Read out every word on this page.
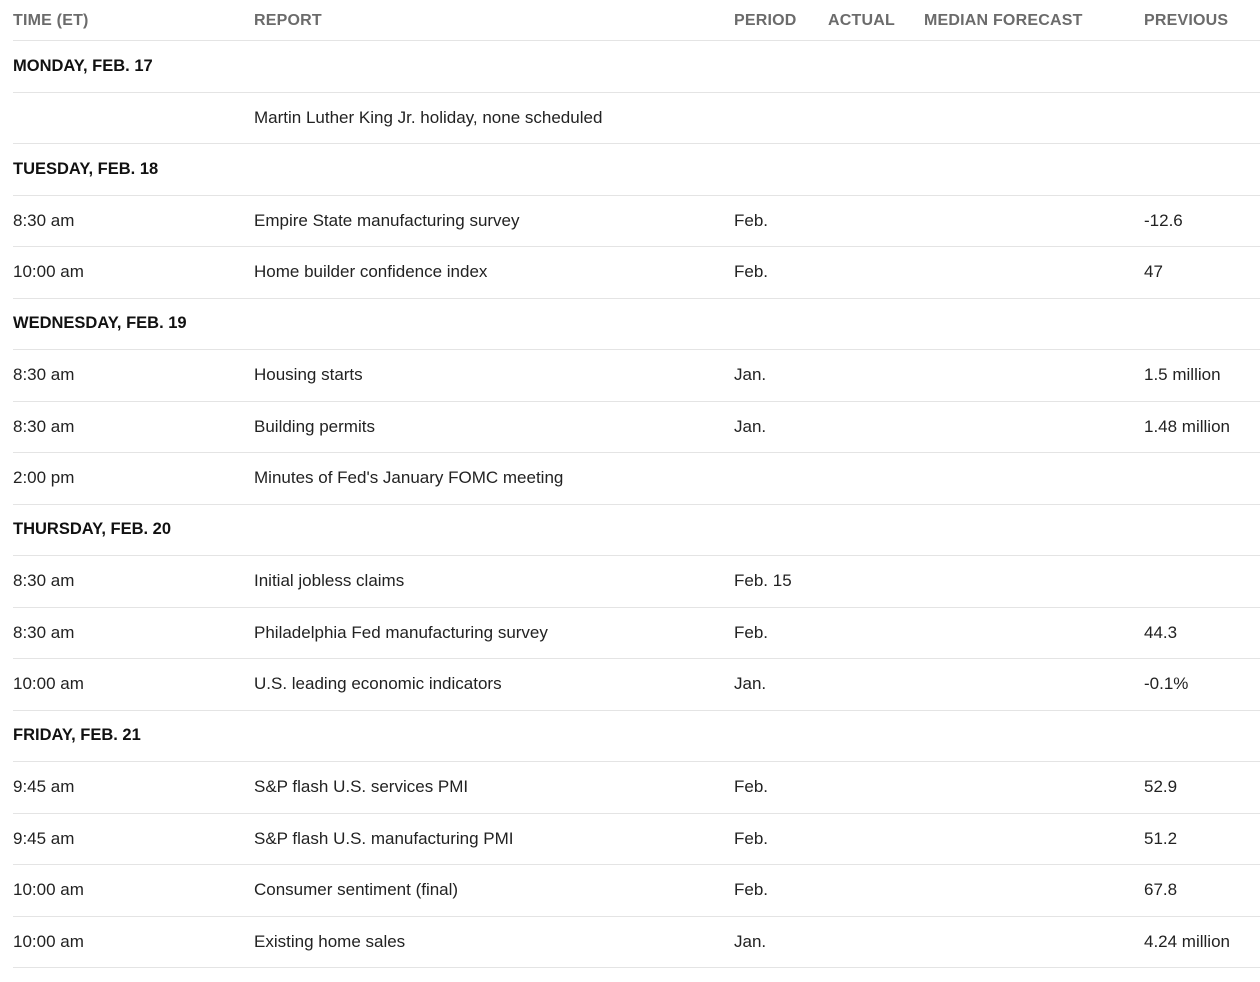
TIME (ET)	REPORT	PERIOD ACTUAL MEDIAN FORECAST	PREVIOUS
MONDAY, FEB. 17
Martin Luther King Jr. holiday, none scheduled
TUESDAY, FEB. 18
8:30 am	Empire State manufacturing survey	Feb.	-12.6
10:00 am	Home builder confidence index	Feb.	47
WEDNESDAY, FEB. 19
8:30 am	Housing starts	Jan.	1.5 million
8:30 am	Building permits	Jan.	1.48 million
2:00 pm	Minutes of Fed's January FOMC meeting
THURSDAY, FEB. 20
8:30 am	Initial jobless claims	Feb. 15
8:30 am	Philadelphia Fed manufacturing survey	Feb.	44.3
10:00 am	U.S. leading economic indicators	Jan.	-0.1%
FRIDAY, FEB. 21
9:45 am	S&P flash U.S. services PMI	Feb.	52.9
9:45 am	S&P flash U.S. manufacturing PMI	Feb.	51.2
10:00 am	Consumer sentiment (final)	Feb.	67.8
10:00 am	Existing home sales	Jan.	4.24 million
